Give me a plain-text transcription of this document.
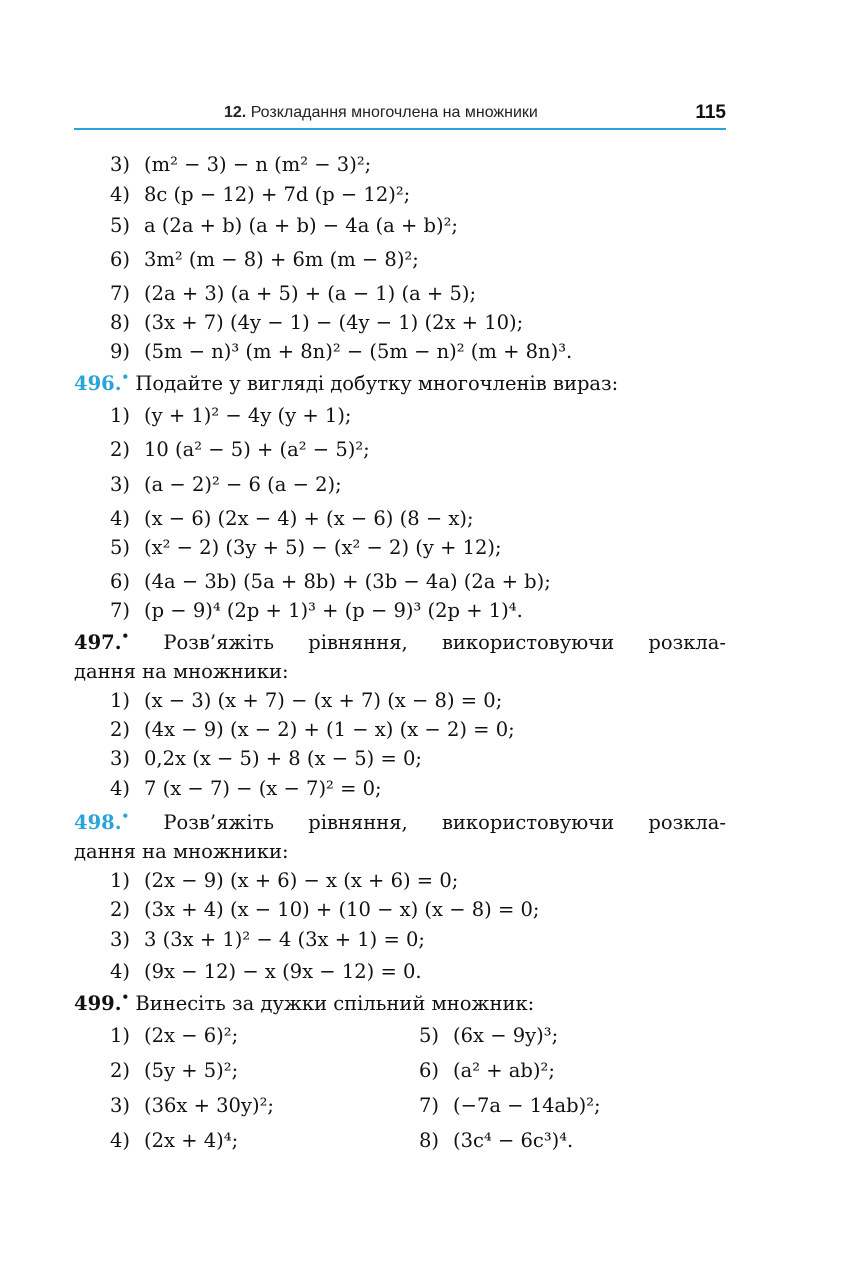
12. Розкладання многочлена на множники	115
3) (m² − 3) − n (m² − 3)²;
4) 8c (p − 12) + 7d (p − 12)²;
5) a (2a + b) (a + b) − 4a (a + b)²;
6) 3m² (m − 8) + 6m (m − 8)²;
7) (2a + 3) (a + 5) + (a − 1) (a + 5);
8) (3x + 7) (4y − 1) − (4y − 1) (2x + 10);
9) (5m − n)³ (m + 8n)² − (5m − n)² (m + 8n)³.
496.• Подайте у вигляді добутку многочленів вираз:
1) (y + 1)² − 4y (y + 1);
2) 10 (a² − 5) + (a² − 5)²;
3) (a − 2)² − 6 (a − 2);
4) (x − 6) (2x − 4) + (x − 6) (8 − x);
5) (x² − 2) (3y + 5) − (x² − 2) (y + 12);
6) (4a − 3b) (5a + 8b) + (3b − 4a) (2a + b);
7) (p − 9)⁴ (2p + 1)³ + (p − 9)³ (2p + 1)⁴.
497.• Розв’яжіть рівняння, використовуючи розкла-
дання на множники:
1) (x − 3) (x + 7) − (x + 7) (x − 8) = 0;
2) (4x − 9) (x − 2) + (1 − x) (x − 2) = 0;
3) 0,2x (x − 5) + 8 (x − 5) = 0;
4) 7 (x − 7) − (x − 7)² = 0;
498.• Розв’яжіть рівняння, використовуючи розкла-
дання на множники:
1) (2x − 9) (x + 6) − x (x + 6) = 0;
2) (3x + 4) (x − 10) + (10 − x) (x − 8) = 0;
3) 3 (3x + 1)² − 4 (3x + 1) = 0;
4) (9x − 12) − x (9x − 12) = 0.
499.• Винесіть за дужки спільний множник:
1) (2x − 6)²;	5) (6x − 9y)³;
2) (5y + 5)²;	6) (a² + ab)²;
3) (36x + 30y)²;	7) (−7a − 14ab)²;
4) (2x + 4)⁴;	8) (3c⁴ − 6c³)⁴.
